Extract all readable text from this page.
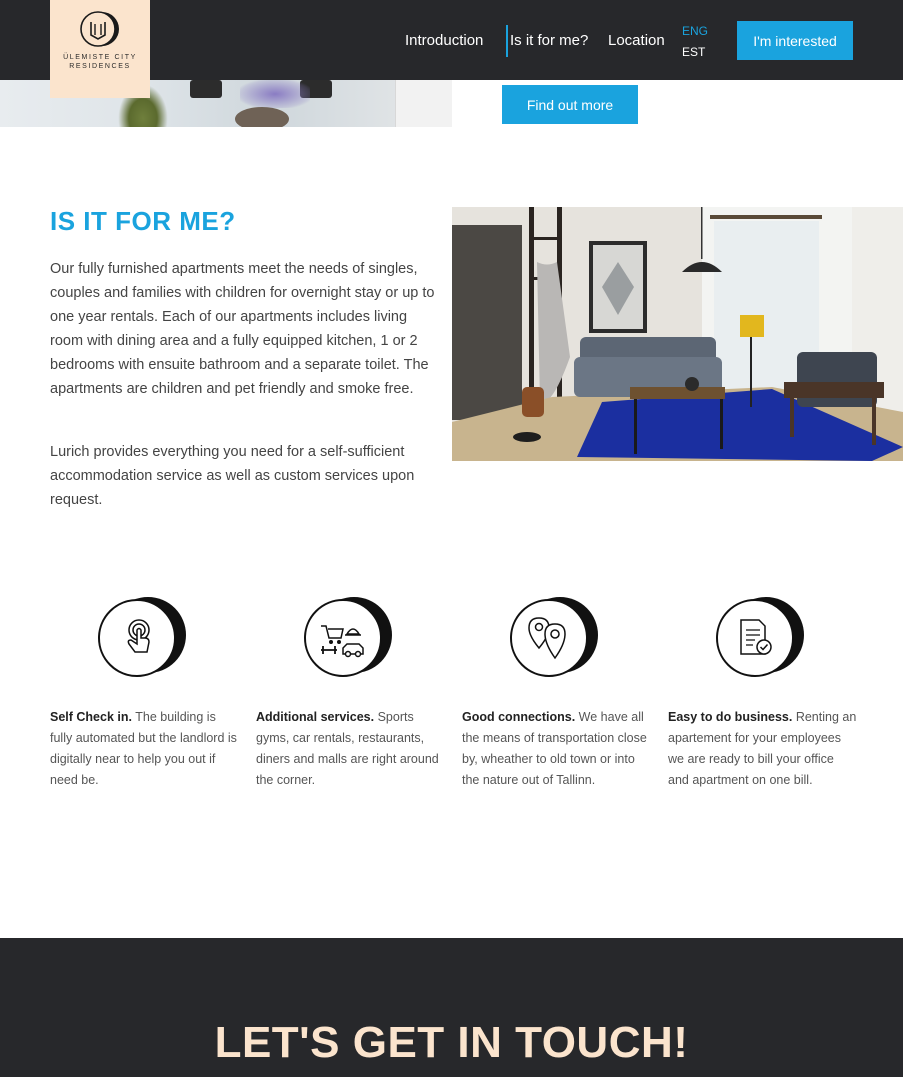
Introduction Is it for me? Location
ENG
EST
I'm interested
ÜLEMISTE CITY
RESIDENCES
Find out more
IS IT FOR ME?

Our fully furnished apartments meet the needs of singles, couples and families with children for overnight stay or up to one year rentals. Each of our apartments includes living room with dining area and a fully equipped kitchen, 1 or 2 bedrooms with ensuite bathroom and a separate toilet. The apartments are children and pet friendly and smoke free.

Lurich provides everything you need for a self-sufficient accommodation service as well as custom services upon request.

Self Check in. The building is fully automated but the landlord is digitally near to help you out if need be.

Additional services. Sports gyms, car rentals, restaurants, diners and malls are right around the corner.

Good connections. We have all the means of transportation close by, wheather to old town or into the nature out of Tallinn.

Easy to do business. Renting an apartement for your employees we are ready to bill your office and apartment on one bill.

LET'S GET IN TOUCH!
